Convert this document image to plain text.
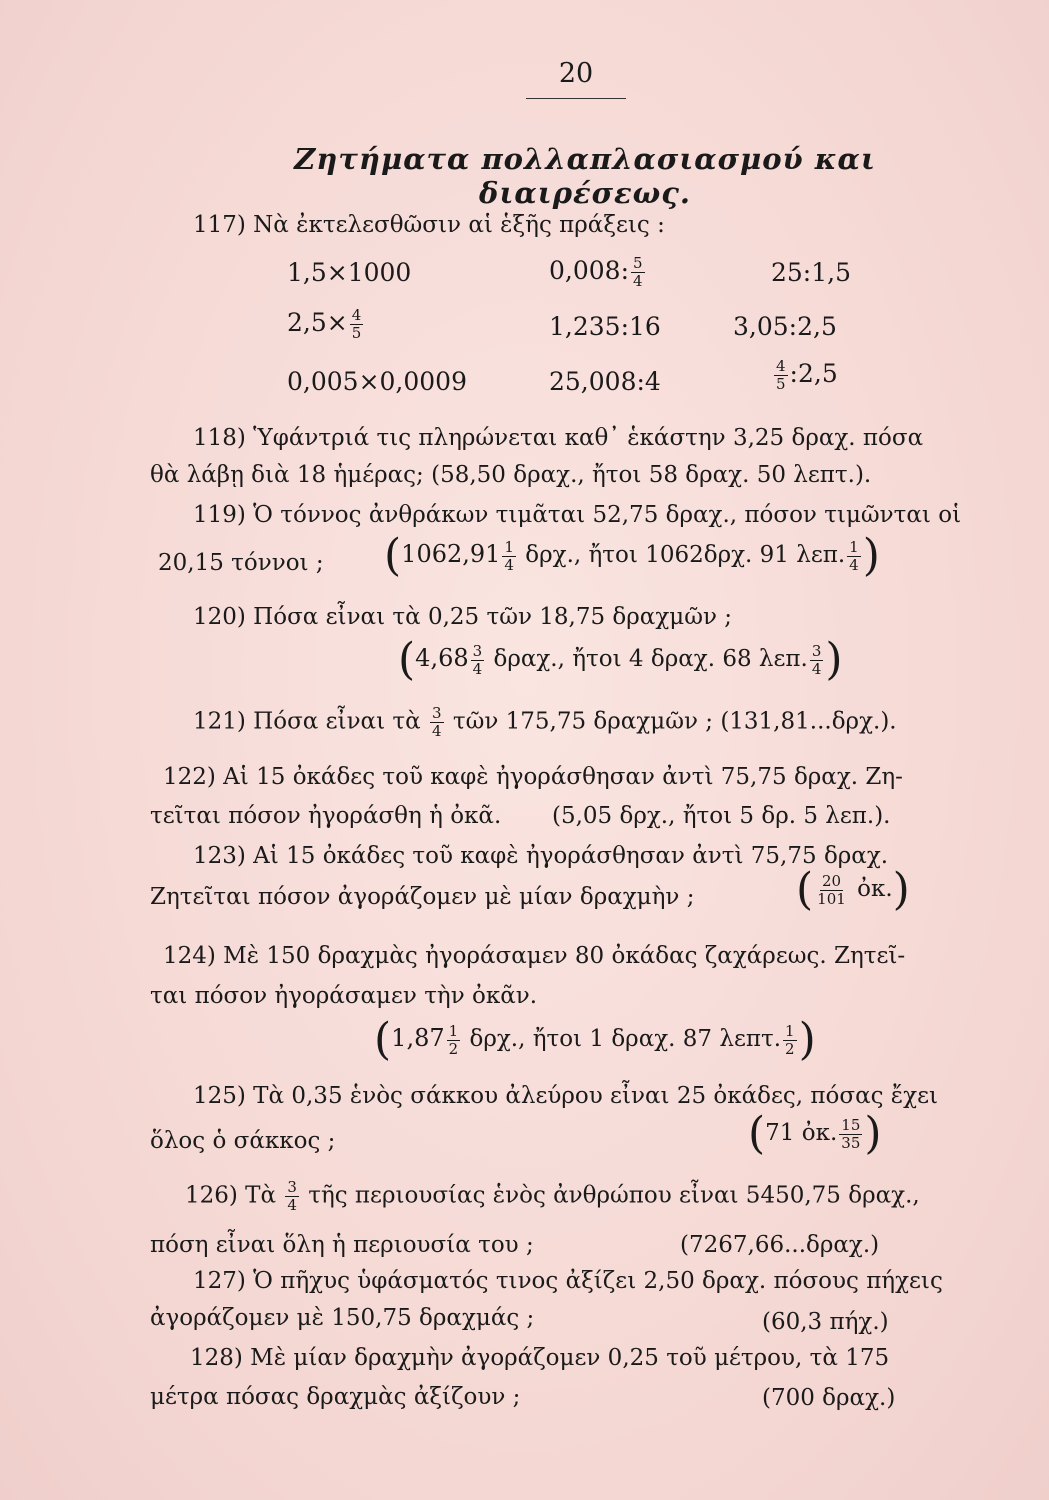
20
Ζητήματα πολλαπλασιασμού και διαιρέσεως.
117) Νὰ ἐκτελεσθῶσιν αἱ ἑξῆς πράξεις :
1,5×1000	0,008: $\frac{5}{4}$	25:1,5
$2,5\times \frac{4}{5}$	1,235:16	3,05:2,5
0,005×0,0009	25,008:4	$\frac{4}{5}$ :2,5
118) Ὑφάντριά τις πληρώνεται καθ᾿ ἑκάστην 3,25 δραχ. πόσα
θὰ λάβῃ διὰ 18 ἡμέρας; (58,50 δραχ., ἤτοι 58 δραχ. 50 λεπτ.).
119) Ὁ τόννος ἀνθράκων τιμᾶται 52,75 δραχ., πόσον τιμῶνται οἱ
20,15 τόννοι ; ($1062,91 \frac{1}{4} \delta\rho\chi$., ἤτοι 1062δρχ. 91 λεπ. $\frac{1}{4}$ )
120) Πόσα εἶναι τὰ 0,25 τῶν 18,75 δραχμῶν ;
($4,68 \frac{3}{4} \delta\rho\alpha\chi$., ἤτοι 4 δραχ. 68 λεπ. $\frac{3}{4}$ )
121) Πόσα εἶναι τὰ $\frac{3}{4}$ τῶν 175,75 δραχμῶν ; (131,81...δρχ.).
122) Αἱ 15 ὀκάδες τοῦ καφὲ ἠγοράσθησαν ἀντὶ 75,75 δραχ. Ζη-
τεῖται πόσον ἠγοράσθη ἡ ὀκᾶ. (5,05 δρχ., ἤτοι 5 δρ. 5 λεπ.).
123) Αἱ 15 ὀκάδες τοῦ καφὲ ἠγοράσθησαν ἀντὶ 75,75 δραχ.
Ζητεῖται πόσον ἀγοράζομεν μὲ μίαν δραχμὴν ; ( $\frac{20}{101}$ ὀκ.)
124) Μὲ 150 δραχμὰς ἠγοράσαμεν 80 ὀκάδας ζαχάρεως. Ζητεῖ-
ται πόσον ἠγοράσαμεν τὴν ὀκᾶν.
($1,87 \frac{1}{2} \delta\rho\chi$., ἤτοι 1 δραχ. 87 λεπτ. $\frac{1}{2}$ )
125) Τὰ 0,35 ἑνὸς σάκκου ἀλεύρου εἶναι 25 ὀκάδες, πόσας ἔχει
ὅλος ὁ σάκκος ;	(71 ὀκ. $\frac{15}{35}$ )
126) Τὰ $\frac{3}{4}$ τῆς περιουσίας ἑνὸς ἀνθρώπου εἶναι 5450,75 δραχ.,
πόση εἶναι ὅλη ἡ περιουσία του ;	(7267,66...δραχ.)
127) Ὁ πῆχυς ὑφάσματός τινος ἀξίζει 2,50 δραχ. πόσους πήχεις
ἀγοράζομεν μὲ 150,75 δραχμάς ;	(60,3 πήχ.)
128) Μὲ μίαν δραχμὴν ἀγοράζομεν 0,25 τοῦ μέτρου, τὰ 175
μέτρα πόσας δραχμὰς ἀξίζουν ;	(700 δραχ.)
